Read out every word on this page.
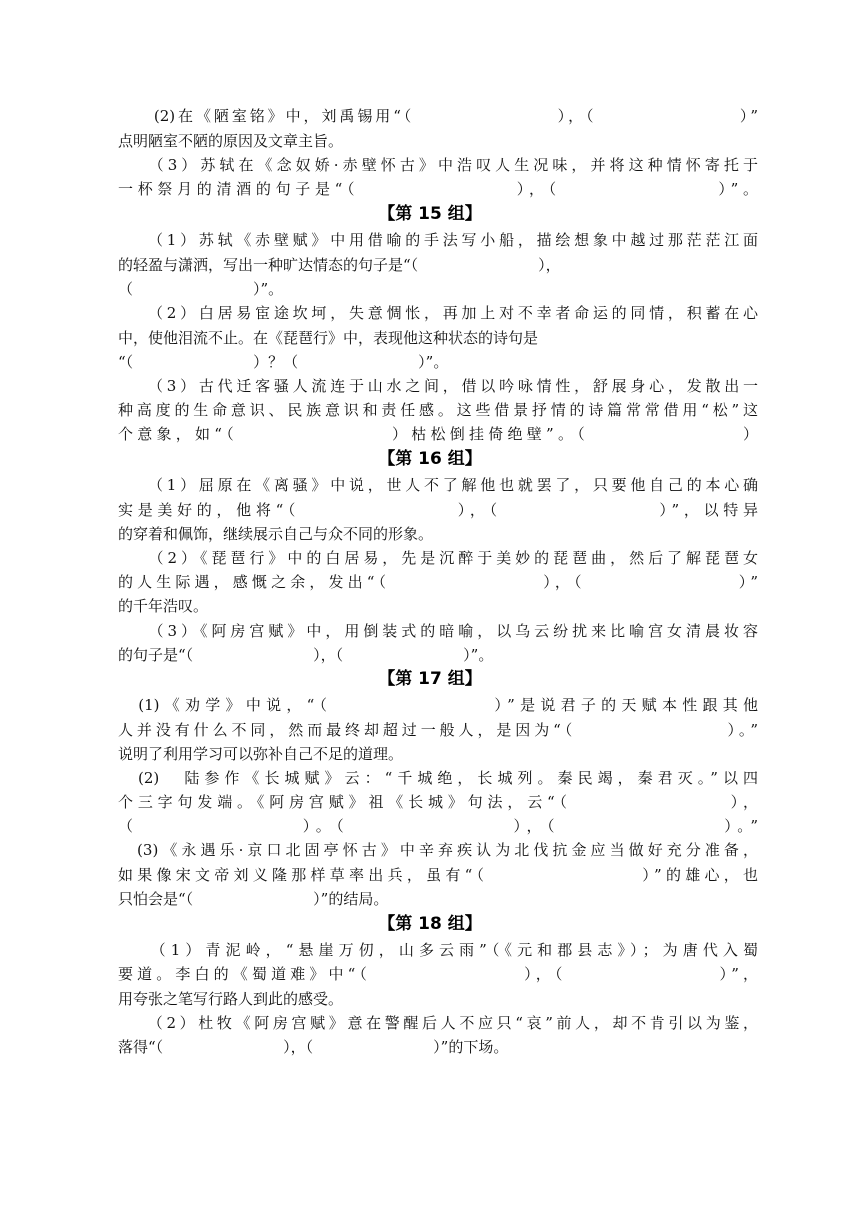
　　(2)在《陋室铭》中，刘禹锡用“（　　　　　　　　），（　　　　　　　　）”

点明陋室不陋的原因及文章主旨。

　　（3）苏轼在《念奴娇·赤壁怀古》中浩叹人生况味，并将这种情怀寄托于

一杯祭月的清酒的句子是“（　　　　　　　　），（　　　　　　　　）”。

【第 15 组】

　　（1）苏轼《赤壁赋》中用借喻的手法写小船，描绘想象中越过那茫茫江面

的轻盈与潇洒，写出一种旷达情态的句子是“（　　　　　　　　），

（　　　　　　　　）”。

　　（2）白居易宦途坎坷，失意惆怅，再加上对不幸者命运的同情，积蓄在心

中，使他泪流不止。在《琵琶行》中，表现他这种状态的诗句是

“（　　　　　　　　）？（　　　　　　　　）”。

　　（3）古代迁客骚人流连于山水之间，借以吟咏情性，舒展身心，发散出一

种高度的生命意识、民族意识和责任感。这些借景抒情的诗篇常常借用“松”这

个意象，如“（　　　　　　　　）枯松倒挂倚绝壁”。（　　　　　　　　）

【第 16 组】

　　（1）屈原在《离骚》中说，世人不了解他也就罢了，只要他自己的本心确

实是美好的，他将“（　　　　　　　　），（　　　　　　　　）”，以特异

的穿着和佩饰，继续展示自己与众不同的形象。

　　（2）《琵琶行》中的白居易，先是沉醉于美妙的琵琶曲，然后了解琵琶女

的人生际遇，感慨之余，发出“（　　　　　　　　），（　　　　　　　　）”

的千年浩叹。

　　（3）《阿房宫赋》中，用倒装式的暗喻，以乌云纷扰来比喻宫女清晨妆容

的句子是“（　　　　　　　　），（　　　　　　　　）”。

【第 17 组】

　(1)《劝学》中说，“（　　　　　　　　）”是说君子的天赋本性跟其他

人并没有什么不同，然而最终却超过一般人，是因为“（　　　　　　　　）。”

说明了利用学习可以弥补自己不足的道理。

　(2)　陆参作《长城赋》云：“千城绝，长城列。秦民竭，秦君灭。”以四

个三字句发端。《阿房宫赋》祖《长城》句法，云“（　　　　　　　　），

（　　　　　　　　）。（　　　　　　　　），（　　　　　　　　）。”

　(3)《永遇乐·京口北固亭怀古》中辛弃疾认为北伐抗金应当做好充分准备，

如果像宋文帝刘义隆那样草率出兵，虽有“（　　　　　　　　）”的雄心，也

只怕会是“（　　　　　　　　）”的结局。

【第 18 组】

　　（1）青泥岭，“悬崖万仞，山多云雨”（《元和郡县志》）；为唐代入蜀

要道。李白的《蜀道难》中“（　　　　　　　　），（　　　　　　　　）”，

用夸张之笔写行路人到此的感受。

　　（2）杜牧《阿房宫赋》意在警醒后人不应只“哀”前人，却不肯引以为鉴，

落得“（　　　　　　　　），（　　　　　　　　）”的下场。
